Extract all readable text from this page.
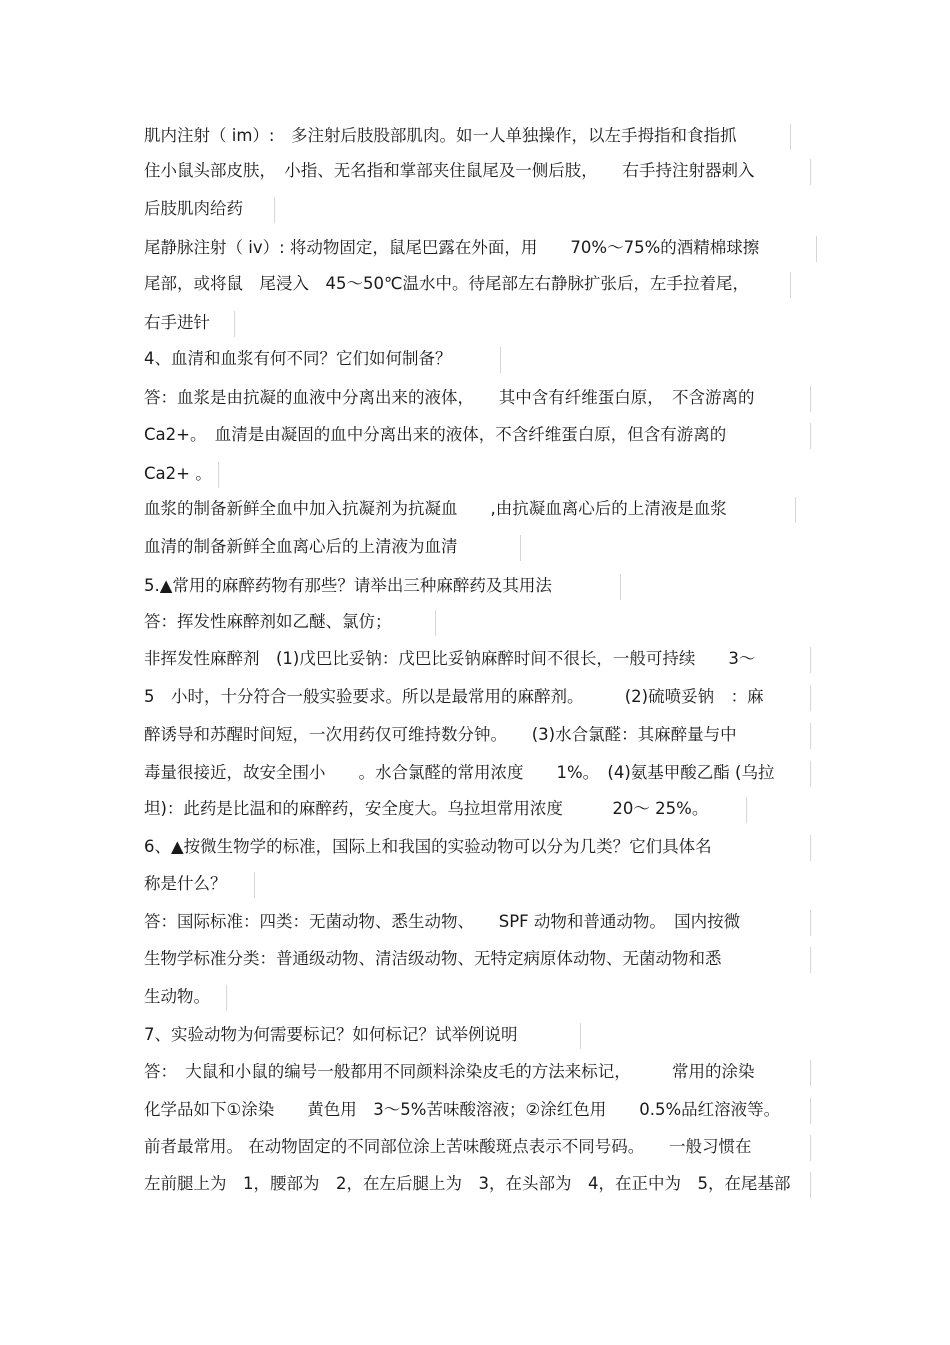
肌内注射（ im）:　多注射后肢股部肌肉。如一人单独操作，以左手拇指和食指抓
住小鼠头部皮肤，　小指、无名指和掌部夹住鼠尾及一侧后肢，　　右手持注射器刺入
后肢肌肉给药
尾静脉注射（ iv）: 将动物固定，鼠尾巴露在外面，用　　70%～75%的酒精棉球擦
尾部，或将鼠　尾浸入　45～50℃温水中。待尾部左右静脉扩张后，左手拉着尾，
右手进针
4、血清和血浆有何不同？它们如何制备？
答：血浆是由抗凝的血液中分离出来的液体，　　其中含有纤维蛋白原，　不含游离的
Ca2+。　血清是由凝固的血中分离出来的液体，不含纤维蛋白原，但含有游离的
Ca2+ 。
血浆的制备新鲜全血中加入抗凝剂为抗凝血　　,由抗凝血离心后的上清液是血浆
血清的制备新鲜全血离心后的上清液为血清
5.▲常用的麻醉药物有那些？请举出三种麻醉药及其用法
答：挥发性麻醉剂如乙醚、氯仿；
非挥发性麻醉剂　(1)戊巴比妥钠：戊巴比妥钠麻醉时间不很长，一般可持续　　3～
5　小时，十分符合一般实验要求。所以是最常用的麻醉剂。　　　(2)硫喷妥钠　：麻
醉诱导和苏醒时间短，一次用药仅可维持数分钟。　　(3)水合氯醛：其麻醉量与中
毒量很接近，故安全围小　　。水合氯醛的常用浓度　　1%。　(4)氨基甲酸乙酯 (乌拉
坦)：此药是比温和的麻醉药，安全度大。乌拉坦常用浓度　　　20～ 25%。
6、▲按微生物学的标准，国际上和我国的实验动物可以分为几类？它们具体名
称是什么？
答：国际标准：四类：无菌动物、悉生动物、　　SPF 动物和普通动物。　国内按微
生物学标准分类：普通级动物、清洁级动物、无特定病原体动物、无菌动物和悉
生动物。
7、实验动物为何需要标记？如何标记？试举例说明
答：　大鼠和小鼠的编号一般都用不同颜料涂染皮毛的方法来标记，　　　常用的涂染
化学品如下①涂染　　黄色用　3～5%苦味酸溶液；②涂红色用　　0.5%品红溶液等。
前者最常用。 在动物固定的不同部位涂上苦味酸斑点表示不同号码。　　一般习惯在
左前腿上为　1，腰部为　2，在左后腿上为　3，在头部为　4，在正中为　5，在尾基部
